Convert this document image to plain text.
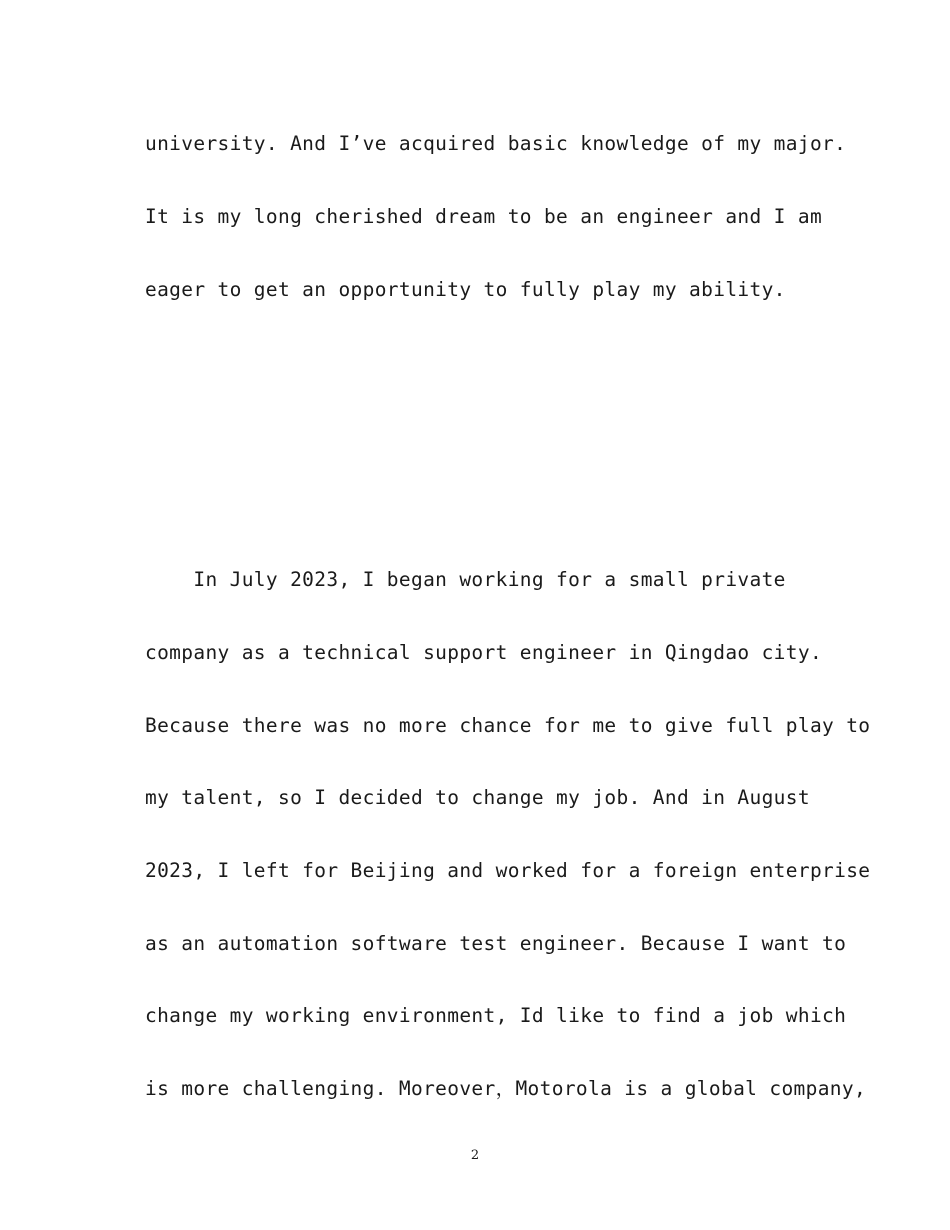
university. And I’ve acquired basic knowledge of my major.
It is my long cherished dream to be an engineer and I am
eager to get an opportunity to fully play my ability.
In July 2023, I began working for a small private
company as a technical support engineer in Qingdao city.
Because there was no more chance for me to give full play to
my talent, so I decided to change my job. And in August
2023, I left for Beijing and worked for a foreign enterprise
as an automation software test engineer. Because I want to
change my working environment, Id like to find a job which
is more challenging. Moreover，Motorola is a global company,
2
